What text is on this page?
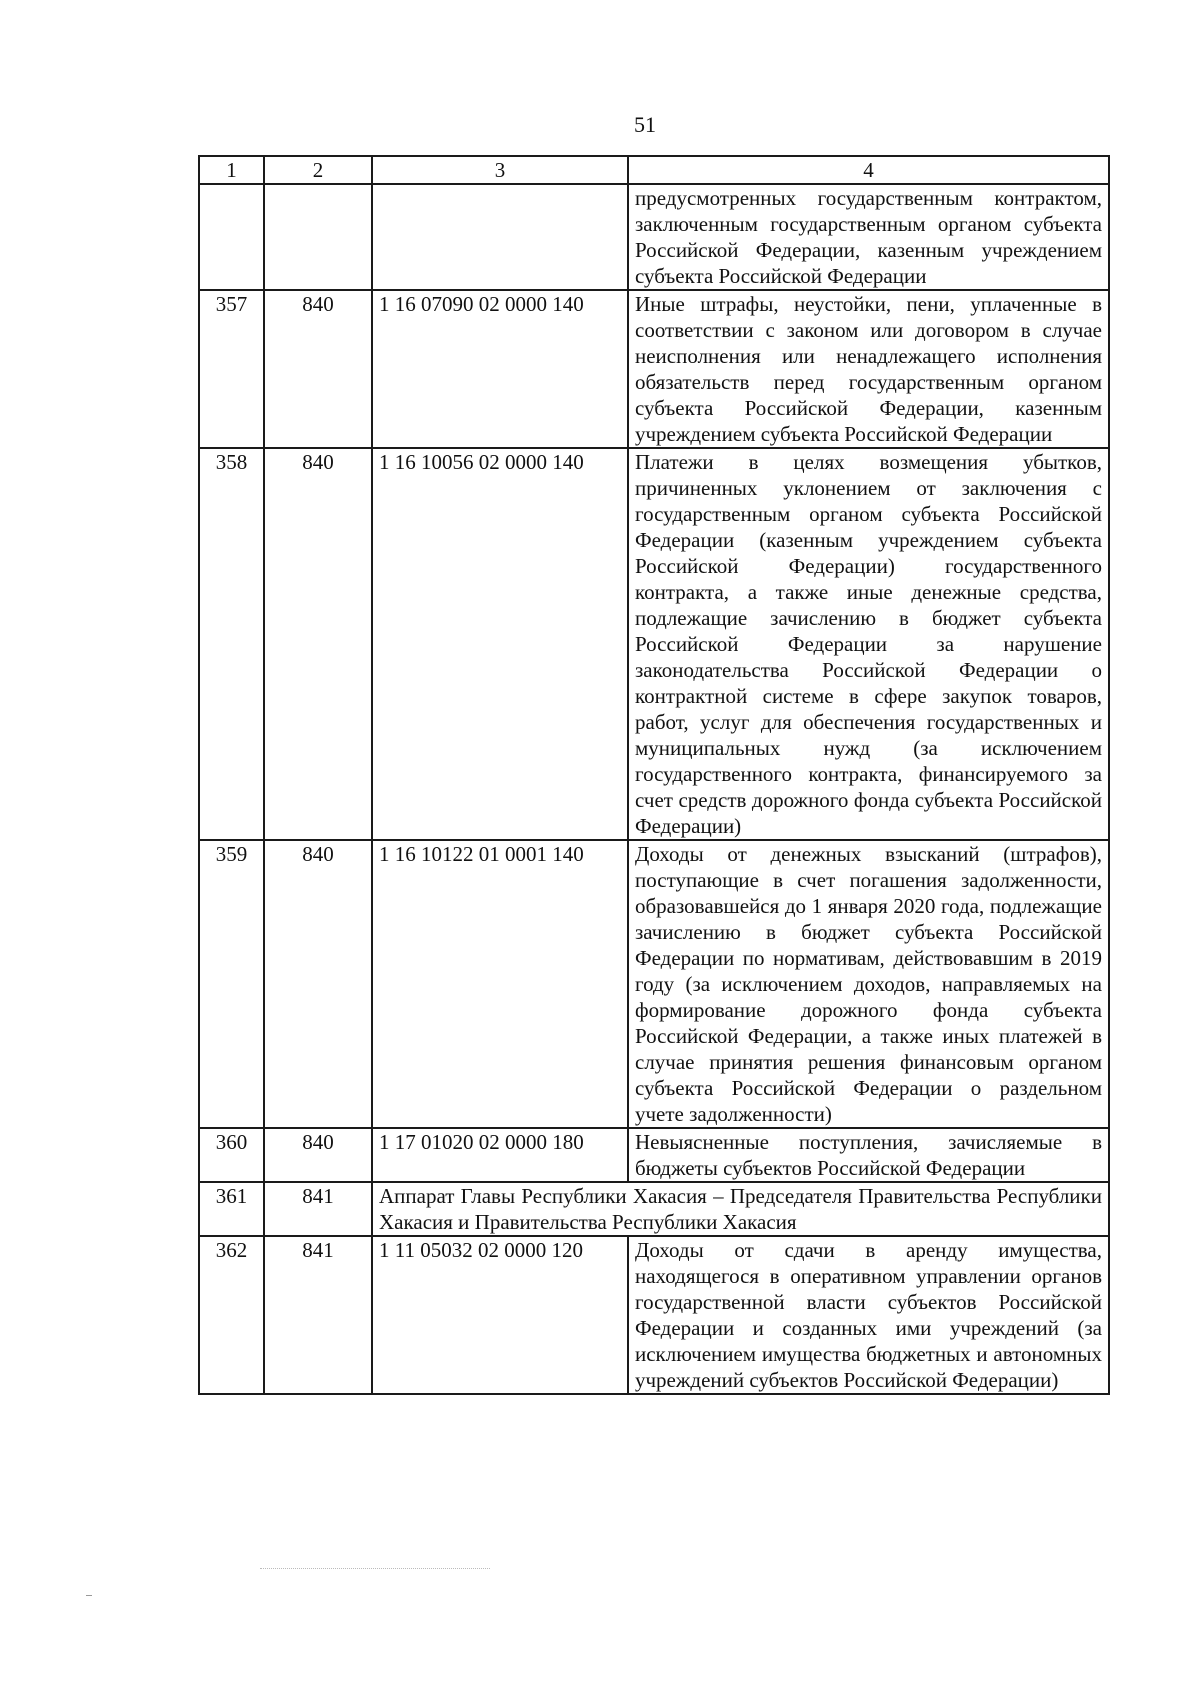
51
1	2	3	4
			предусмотренных государственным контрактом, заключенным государственным органом субъекта Российской Федерации, казенным учреждением субъекта Российской Федерации
357	840	1 16 07090 02 0000 140	Иные штрафы, неустойки, пени, уплаченные в соответствии с законом или договором в случае неисполнения или ненадлежащего исполнения обязательств перед государственным органом субъекта Российской Федерации, казенным учреждением субъекта Российской Федерации
358	840	1 16 10056 02 0000 140	Платежи в целях возмещения убытков, причиненных уклонением от заключения с государственным органом субъекта Российской Федерации (казенным учреждением субъекта Российской Федерации) государственного контракта, а также иные денежные средства, подлежащие зачислению в бюджет субъекта Российской Федерации за нарушение законодательства Российской Федерации о контрактной системе в сфере закупок товаров, работ, услуг для обеспечения государственных и муниципальных нужд (за исключением государственного контракта, финансируемого за счет средств дорожного фонда субъекта Российской Федерации)
359	840	1 16 10122 01 0001 140	Доходы от денежных взысканий (штрафов), поступающие в счет погашения задолженности, образовавшейся до 1 января 2020 года, подлежащие зачислению в бюджет субъекта Российской Федерации по нормативам, действовавшим в 2019 году (за исключением доходов, направляемых на формирование дорожного фонда субъекта Российской Федерации, а также иных платежей в случае принятия решения финансовым органом субъекта Российской Федерации о раздельном учете задолженности)
360	840	1 17 01020 02 0000 180	Невыясненные поступления, зачисляемые в бюджеты субъектов Российской Федерации
361	841	Аппарат Главы Республики Хакасия – Председателя Правительства Республики Хакасия и Правительства Республики Хакасия	
362	841	1 11 05032 02 0000 120	Доходы от сдачи в аренду имущества, находящегося в оперативном управлении органов государственной власти субъектов Российской Федерации и созданных ими учреждений (за исключением имущества бюджетных и автономных учреждений субъектов Российской Федерации)
